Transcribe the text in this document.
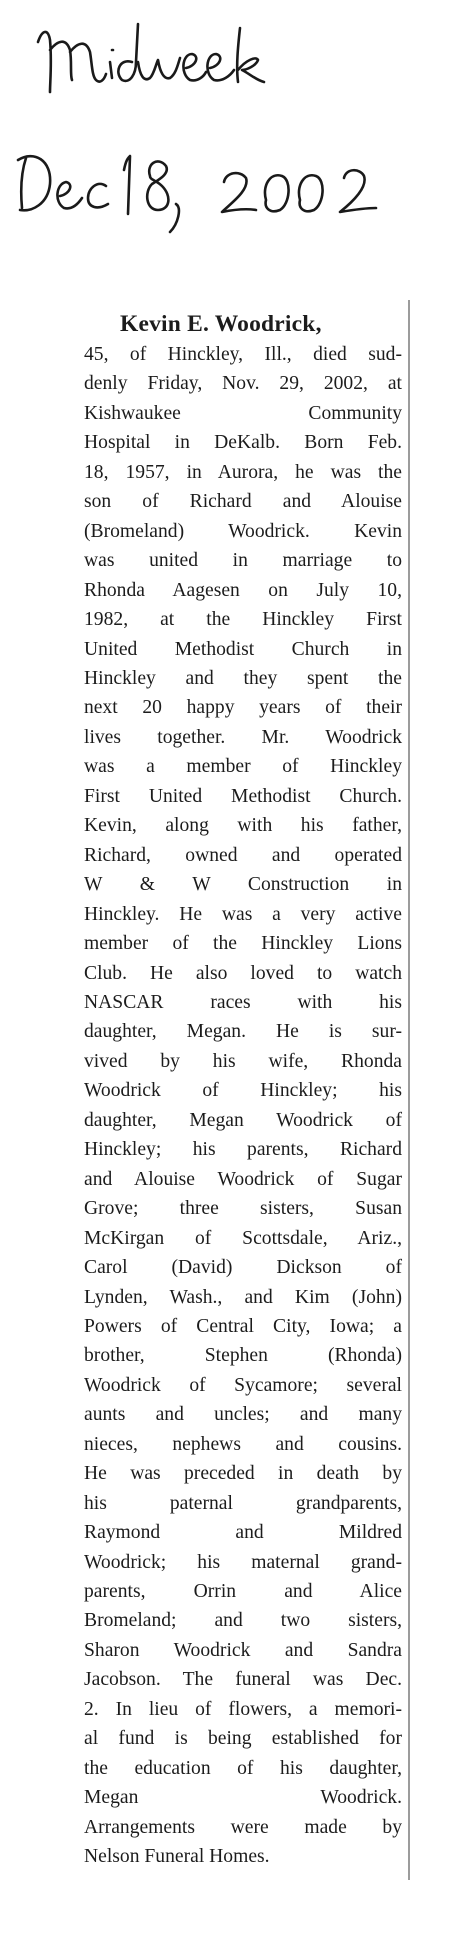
Kevin E. Woodrick,
45, of Hinckley, Ill., died sud-
denly Friday, Nov. 29, 2002, at
Kishwaukee Community
Hospital in DeKalb. Born Feb.
18, 1957, in Aurora, he was the
son of Richard and Alouise
(Bromeland) Woodrick. Kevin
was united in marriage to
Rhonda Aagesen on July 10,
1982, at the Hinckley First
United Methodist Church in
Hinckley and they spent the
next 20 happy years of their
lives together. Mr. Woodrick
was a member of Hinckley
First United Methodist Church.
Kevin, along with his father,
Richard, owned and operated
W & W Construction in
Hinckley. He was a very active
member of the Hinckley Lions
Club. He also loved to watch
NASCAR races with his
daughter, Megan. He is sur-
vived by his wife, Rhonda
Woodrick of Hinckley; his
daughter, Megan Woodrick of
Hinckley; his parents, Richard
and Alouise Woodrick of Sugar
Grove; three sisters, Susan
McKirgan of Scottsdale, Ariz.,
Carol (David) Dickson of
Lynden, Wash., and Kim (John)
Powers of Central City, Iowa; a
brother, Stephen (Rhonda)
Woodrick of Sycamore; several
aunts and uncles; and many
nieces, nephews and cousins.
He was preceded in death by
his paternal grandparents,
Raymond and Mildred
Woodrick; his maternal grand-
parents, Orrin and Alice
Bromeland; and two sisters,
Sharon Woodrick and Sandra
Jacobson. The funeral was Dec.
2. In lieu of flowers, a memori-
al fund is being established for
the education of his daughter,
Megan Woodrick.
Arrangements were made by
Nelson Funeral Homes.
